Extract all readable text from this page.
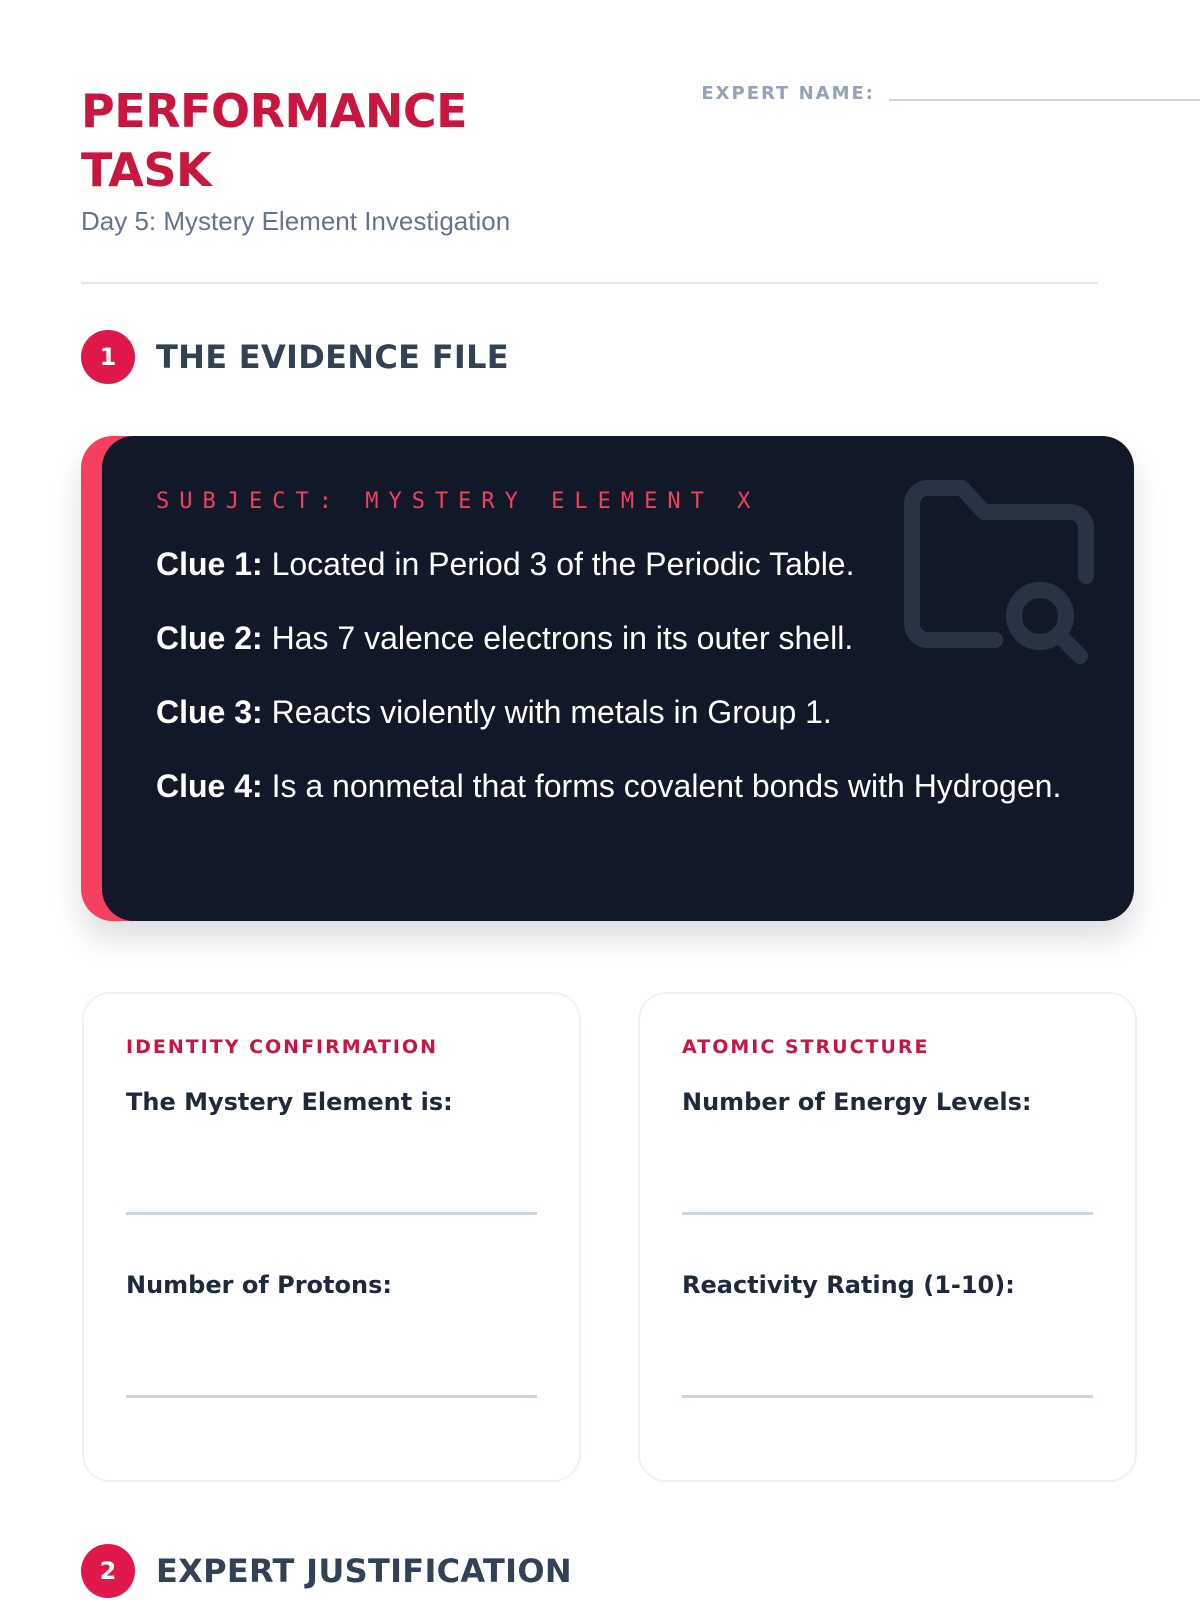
PERFORMANCE TASK
Day 5: Mystery Element Investigation
EXPERT NAME:
1	THE EVIDENCE FILE
SUBJECT: MYSTERY ELEMENT X
Clue 1: Located in Period 3 of the Periodic Table.
Clue 2: Has 7 valence electrons in its outer shell.
Clue 3: Reacts violently with metals in Group 1.
Clue 4: Is a nonmetal that forms covalent bonds with Hydrogen.
IDENTITY CONFIRMATION
The Mystery Element is:
Number of Protons:
ATOMIC STRUCTURE
Number of Energy Levels:
Reactivity Rating (1-10):
2	EXPERT JUSTIFICATION
